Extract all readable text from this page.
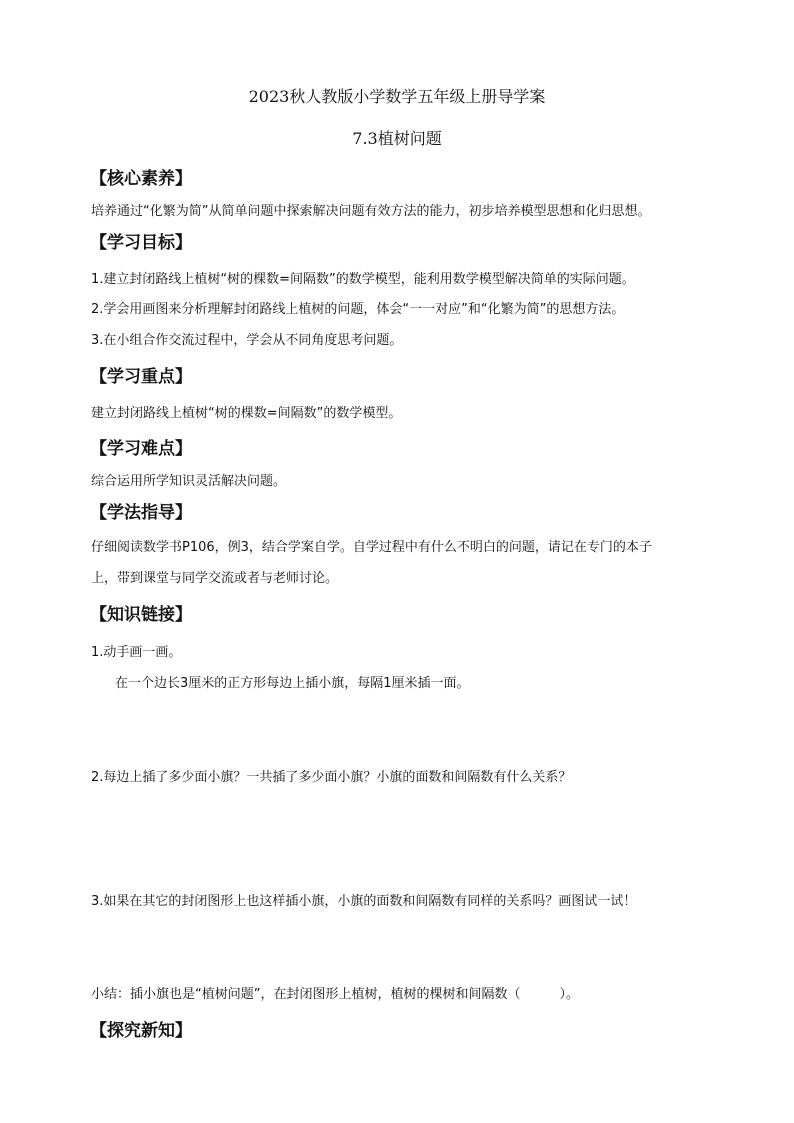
2023秋人教版小学数学五年级上册导学案
7.3植树问题
【核心素养】
培养通过“化繁为简”从简单问题中探索解决问题有效方法的能力，初步培养模型思想和化归思想。
【学习目标】
1.建立封闭路线上植树“树的棵数=间隔数”的数学模型，能利用数学模型解决简单的实际问题。
2.学会用画图来分析理解封闭路线上植树的问题，体会“一一对应”和“化繁为简”的思想方法。
3.在小组合作交流过程中，学会从不同角度思考问题。
【学习重点】
建立封闭路线上植树“树的棵数=间隔数”的数学模型。
【学习难点】
综合运用所学知识灵活解决问题。
【学法指导】
仔细阅读数学书P106，例3，结合学案自学。自学过程中有什么不明白的问题，请记在专门的本子
上，带到课堂与同学交流或者与老师讨论。
【知识链接】
1.动手画一画。
在一个边长3厘米的正方形每边上插小旗，每隔1厘米插一面。
2.每边上插了多少面小旗？一共插了多少面小旗？小旗的面数和间隔数有什么关系？
3.如果在其它的封闭图形上也这样插小旗，小旗的面数和间隔数有同样的关系吗？画图试一试！
小结：插小旗也是“植树问题”，在封闭图形上植树，植树的棵树和间隔数（　　　）。
【探究新知】
